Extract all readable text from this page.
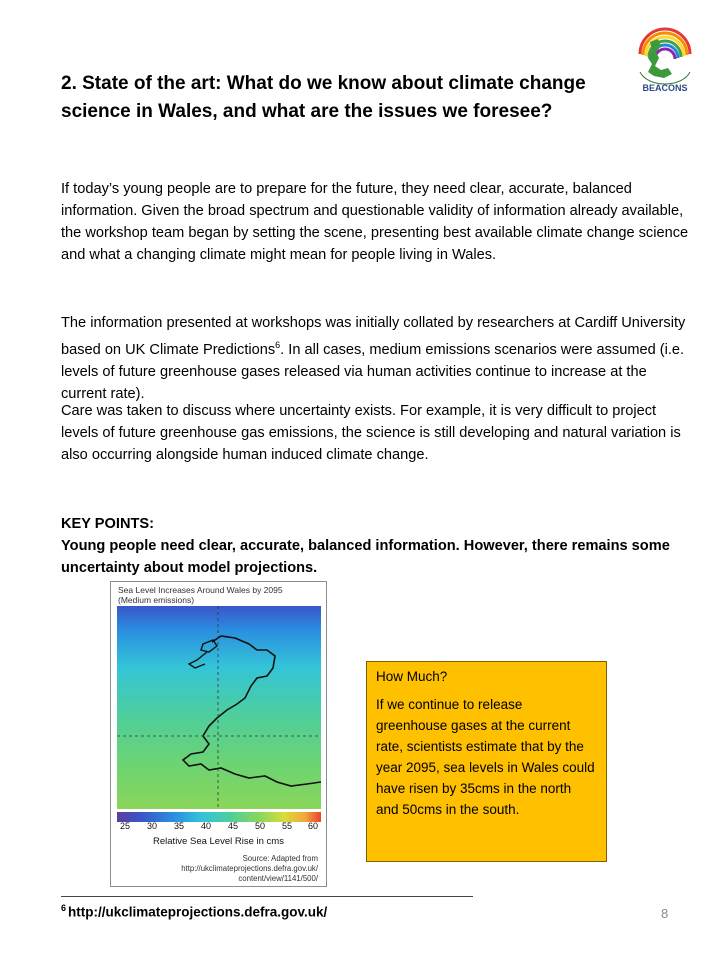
BEACONS
2. State of the art: What do we know about climate change science in Wales, and what are the issues we foresee?

If today’s young people are to prepare for the future, they need clear, accurate, balanced information. Given the broad spectrum and questionable validity of information already available, the workshop team began by setting the scene, presenting best available climate change science and what a changing climate might mean for people living in Wales.

The information presented at workshops was initially collated by researchers at Cardiff University based on UK Climate Predictions$^6$. In all cases, medium emissions scenarios were assumed (i.e. levels of future greenhouse gases released via human activities continue to increase at the current rate).

Care was taken to discuss where uncertainty exists. For example, it is very difficult to project levels of future greenhouse gas emissions, the science is still developing and natural variation is also occurring alongside human induced climate change.

KEY POINTS:

Young people need clear, accurate, balanced information. However, there remains some uncertainty about model projections.

Sea Level Increases Around Wales by 2095
(Medium emissions)
25 30 35 40 45 50 55 60
Relative Sea Level Rise in cms
Source: Adapted from
http://ukclimateprojections.defra.gov.uk/
content/view/1141/500/

How Much?

If we continue to release greenhouse gases at the current rate, scientists estimate that by the year 2095, sea levels in Wales could have risen by 35cms in the north and 50cms in the south.

$^6$ http://ukclimateprojections.defra.gov.uk/	8
